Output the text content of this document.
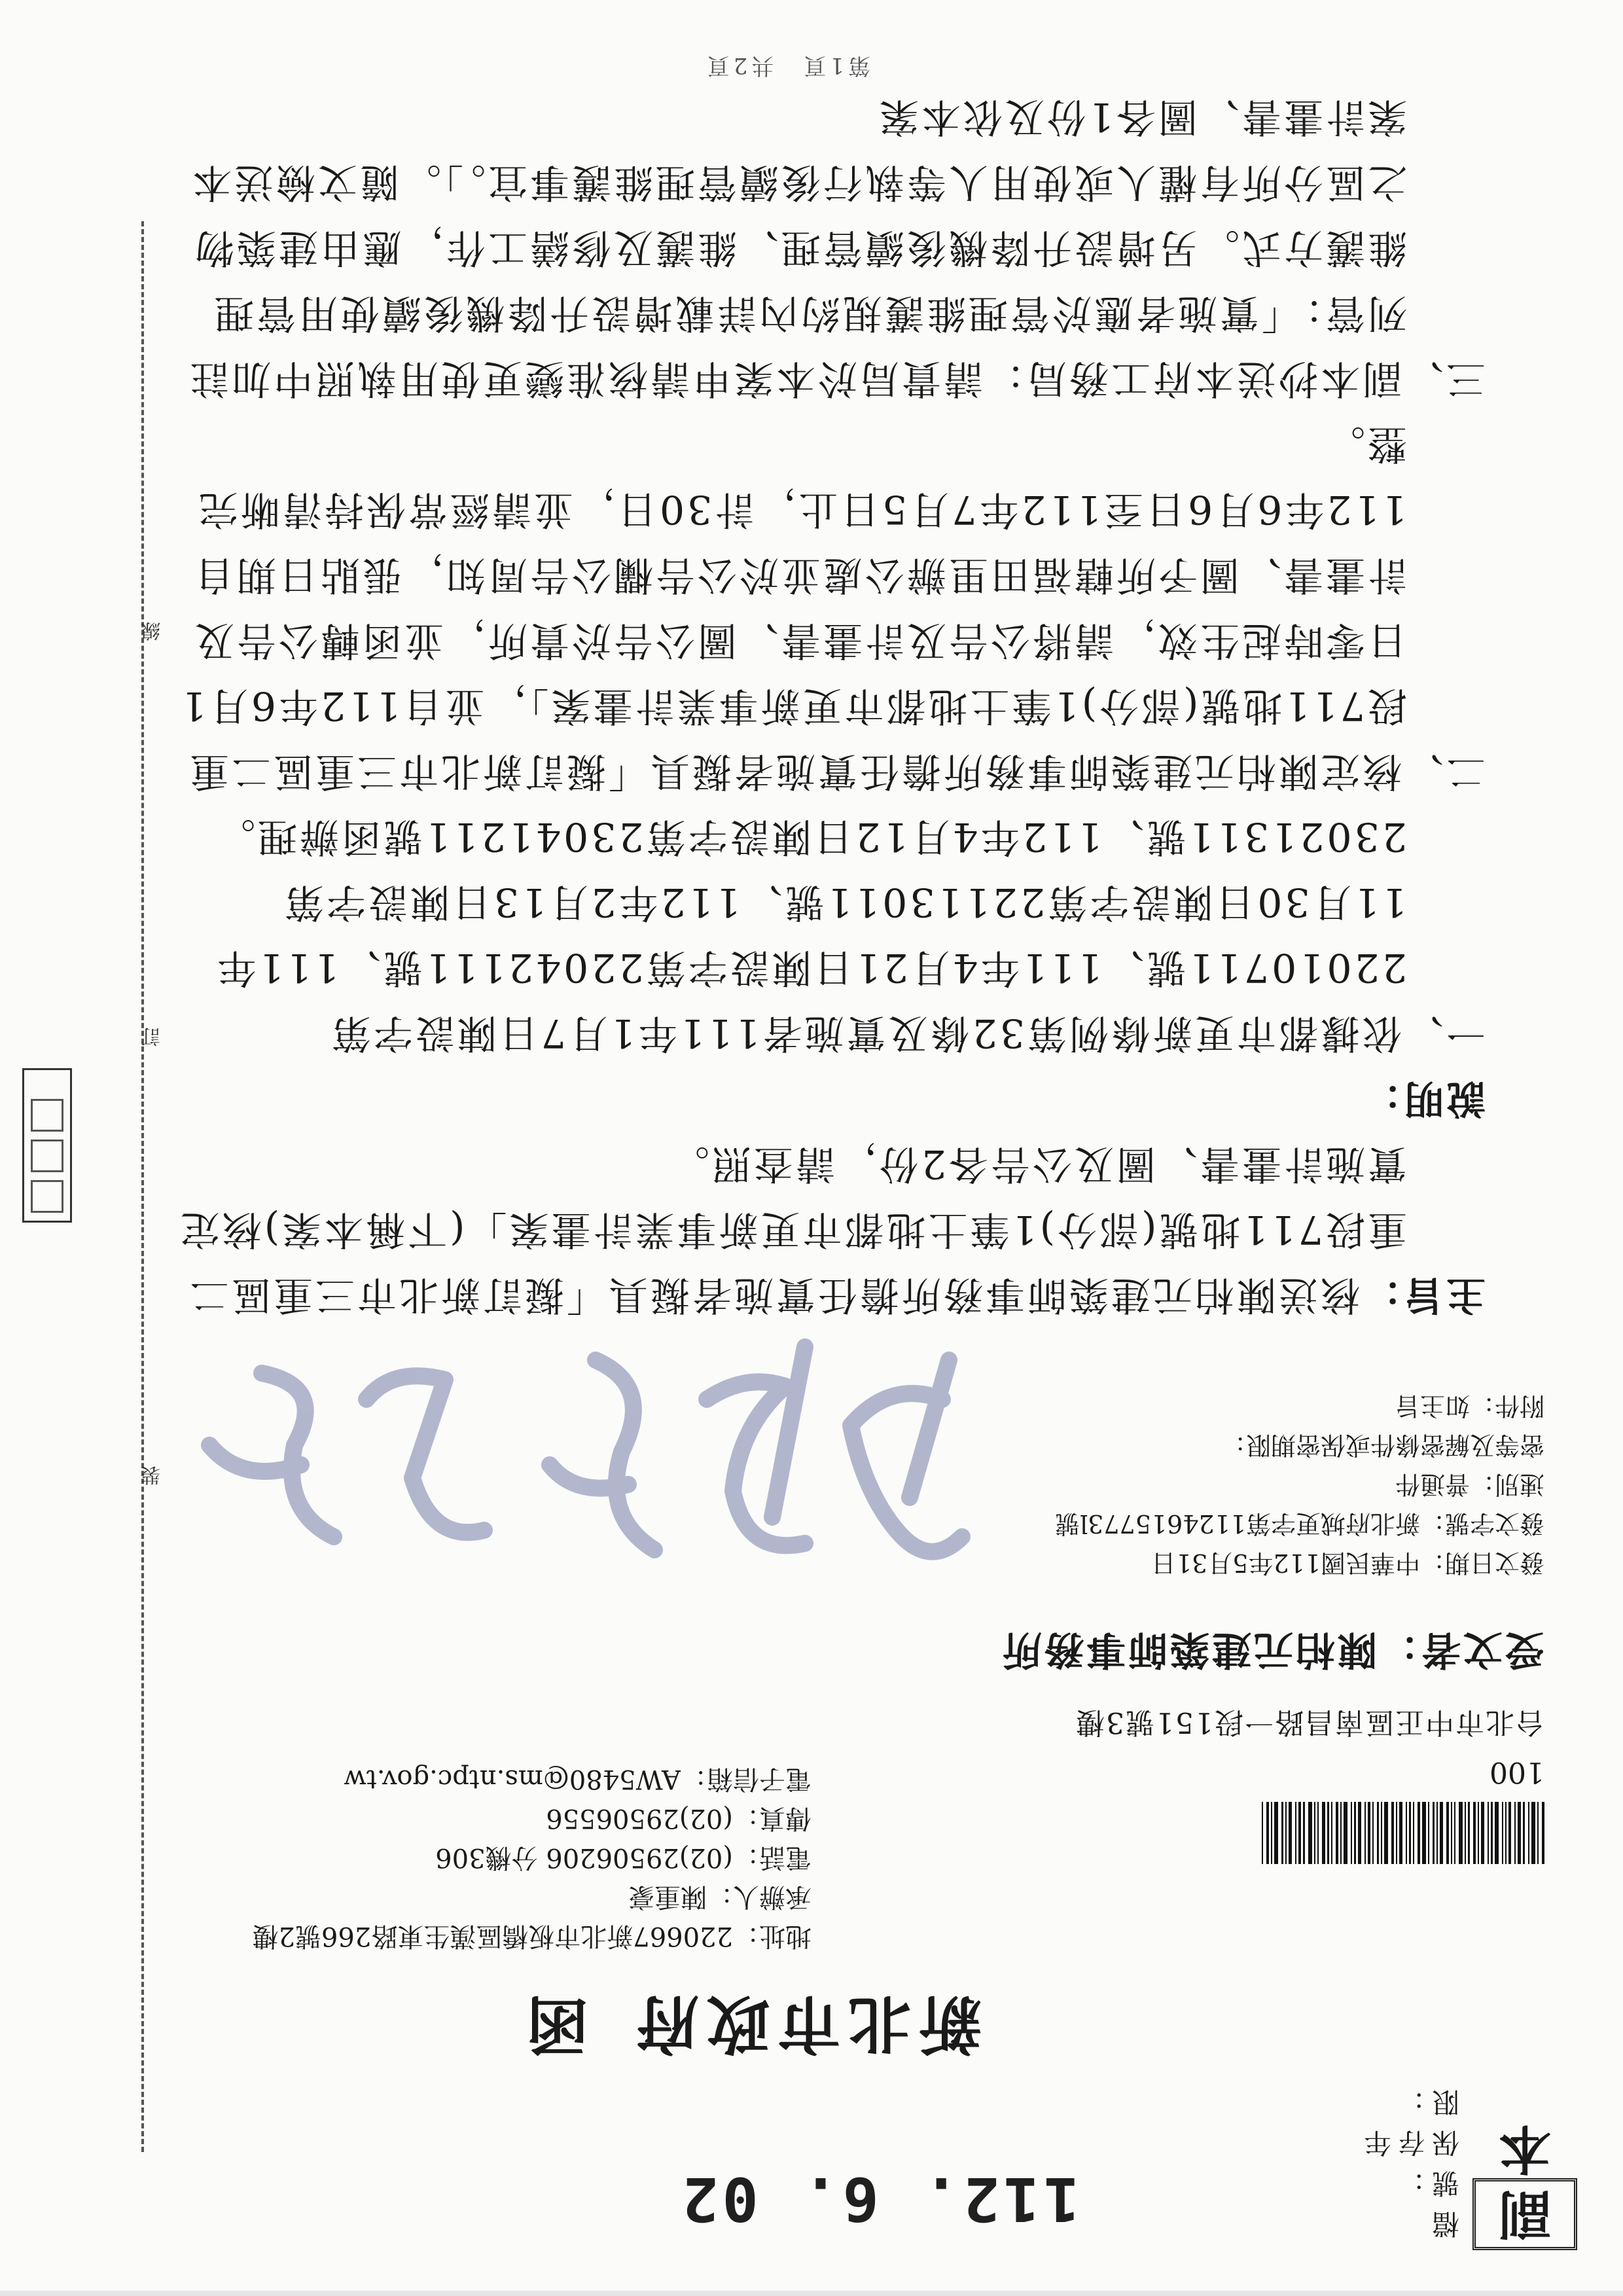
副本
檔　號：
保存年限：
112. 6. 02
新北市政府函
地址：220667新北市板橋區漢生東路266號2樓
承辦人：陳重豪
電話：(02)29506206 分機306
傳真：(02)29506556
電子信箱：AW5480@ms.ntpc.gov.tw	100
台北市中正區南昌路一段151號3樓
受文者：陳柏元建築師事務所
發文日期：中華民國112年5月31日
發文字號：新北府城更字第1124615773l號
速別：普通件
密等及解密條件或保密期限：
附件：如主旨
主旨：核送陳柏元建築師事務所擔任實施者擬具「擬訂新北市三重區二重段711地號(部分)1筆土地都市更新事業計畫案」(下稱本案)核定實施計畫書、圖及公告各2份，請查照。
說明：
一、依據都市更新條例第32條及實施者111年1月7日陳設字第22010711號、111年4月21日陳設字第22042111號、111年11月30日陳設字第22113011號、112年2月13日陳設字第23021311號、112年4月12日陳設字第23041211號函辦理。
二、核定陳柏元建築師事務所擔任實施者擬具「擬訂新北市三重區二重段711地號(部分)1筆土地都市更新事業計畫案」，並自112年6月1日零時起生效，請將公告及計畫書、圖公告於貴所，並函轉公告及計畫書、圖予所轄福田里辦公處並於公告欄公告周知，張貼日期自112年6月6日至112年7月5日止，計30日，並請經常保持清晰完整。
三、副本抄送本府工務局：請貴局於本案申請核准變更使用執照中加註列管：「實施者應於管理維護規約內詳載增設升降機後續使用管理維護方式。另增設升降機後續管理、維護及修繕工作，應由建築物之區分所有權人或使用人等執行後續管理維護事宜。」。隨文檢送本案計畫書、圖各1份及依本案
第1頁　共2頁
裝
訂
線
